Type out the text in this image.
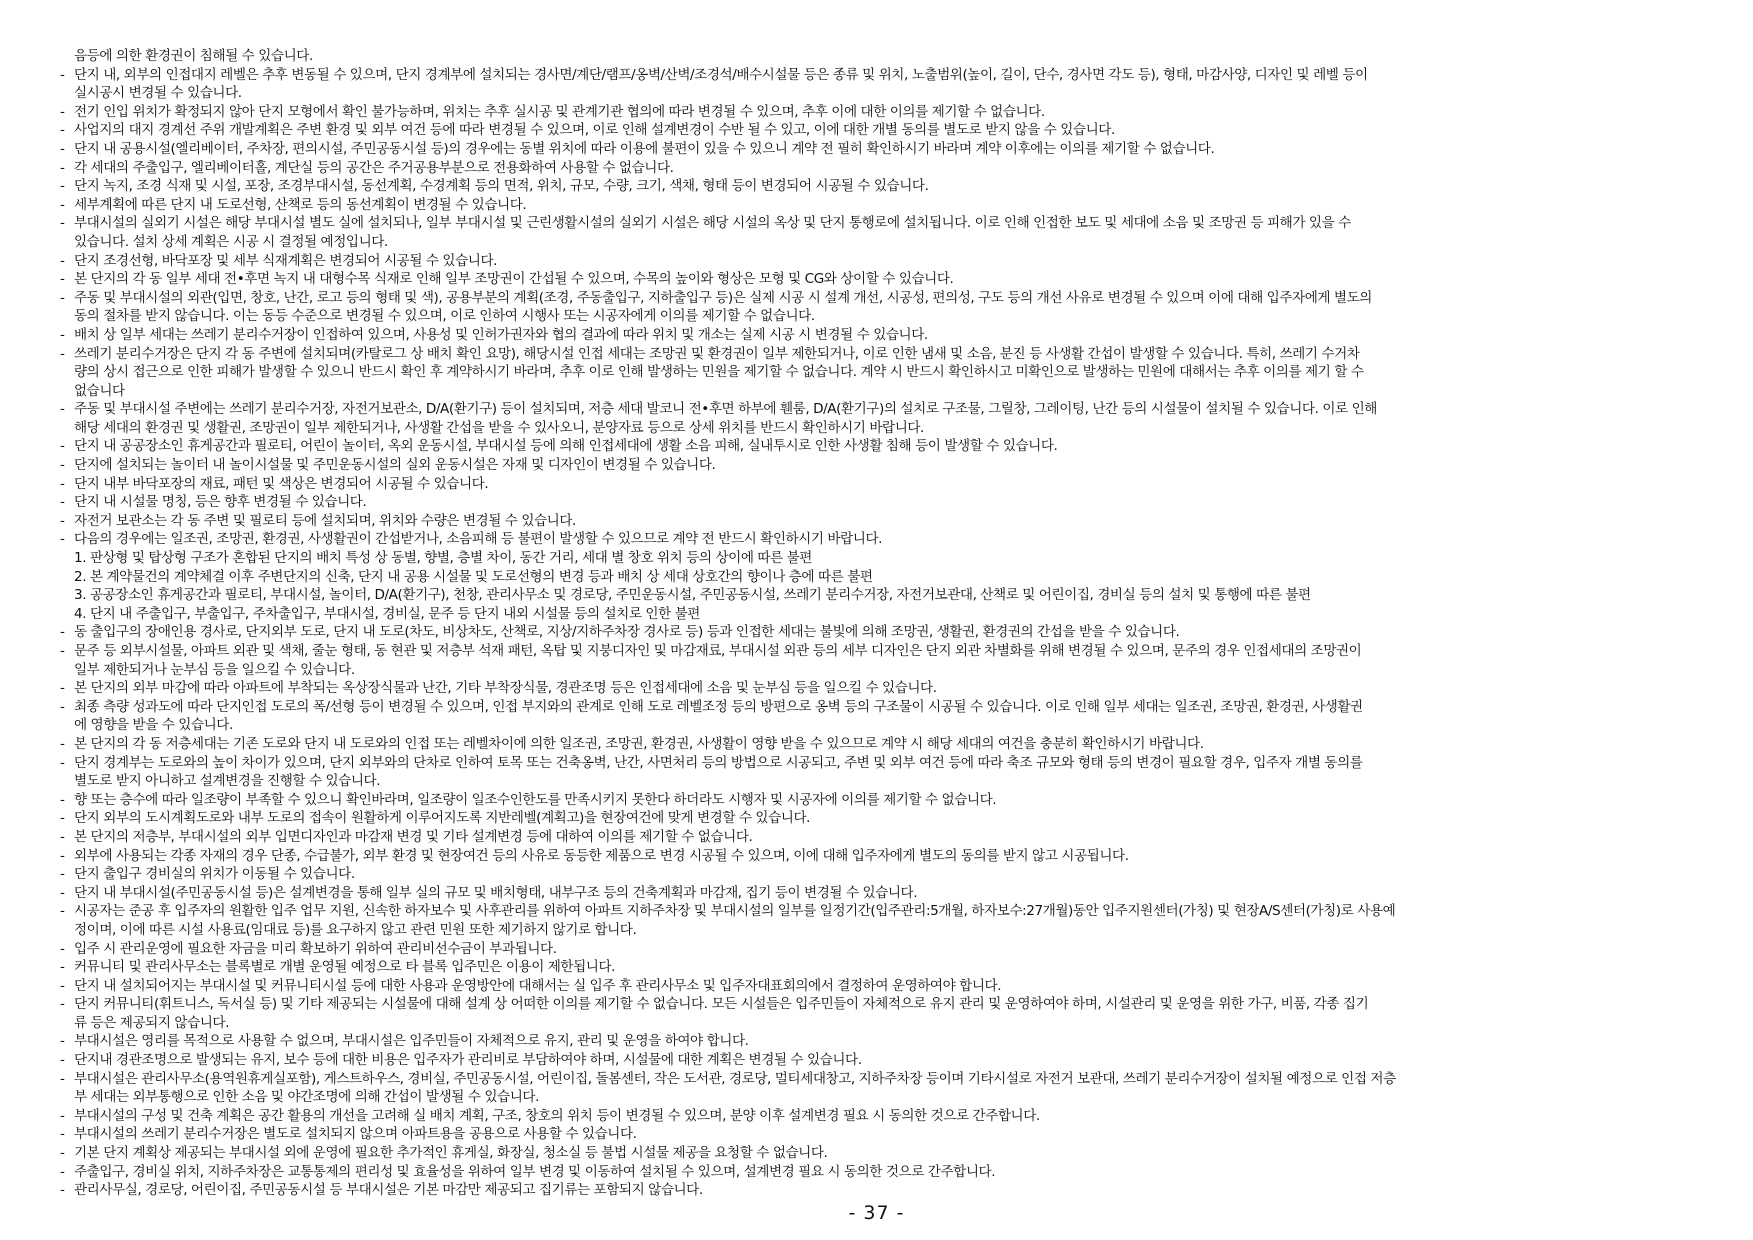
음등에 의한 환경권이 침해될 수 있습니다.
- 단지 내, 외부의 인접대지 레벨은 추후 변동될 수 있으며, 단지 경계부에 설치되는 경사면/계단/램프/옹벽/산벽/조경석/배수시설물 등은 종류 및 위치, 노출범위(높이, 길이, 단수, 경사면 각도 등), 형태, 마감사양, 디자인 및 레벨 등이
실시공시 변경될 수 있습니다.
- 전기 인입 위치가 확정되지 않아 단지 모형에서 확인 불가능하며, 위치는 추후 실시공 및 관계기관 협의에 따라 변경될 수 있으며, 추후 이에 대한 이의를 제기할 수 없습니다.
- 사업지의 대지 경계선 주위 개발계획은 주변 환경 및 외부 여건 등에 따라 변경될 수 있으며, 이로 인해 설계변경이 수반 될 수 있고, 이에 대한 개별 동의를 별도로 받지 않을 수 있습니다.
- 단지 내 공용시설(엘리베이터, 주차장, 편의시설, 주민공동시설 등)의 경우에는 동별 위치에 따라 이용에 불편이 있을 수 있으니 계약 전 필히 확인하시기 바라며 계약 이후에는 이의를 제기할 수 없습니다.
- 각 세대의 주출입구, 엘리베이터홀, 계단실 등의 공간은 주거공용부분으로 전용화하여 사용할 수 없습니다.
- 단지 녹지, 조경 식재 및 시설, 포장, 조경부대시설, 동선계획, 수경계획 등의 면적, 위치, 규모, 수량, 크기, 색채, 형태 등이 변경되어 시공될 수 있습니다.
- 세부계획에 따른 단지 내 도로선형, 산책로 등의 동선계획이 변경될 수 있습니다.
- 부대시설의 실외기 시설은 해당 부대시설 별도 실에 설치되나, 일부 부대시설 및 근린생활시설의 실외기 시설은 해당 시설의 옥상 및 단지 통행로에 설치됩니다. 이로 인해 인접한 보도 및 세대에 소음 및 조망권 등 피해가 있을 수
있습니다. 설치 상세 계획은 시공 시 결정될 예정입니다.
- 단지 조경선형, 바닥포장 및 세부 식재계획은 변경되어 시공될 수 있습니다.
- 본 단지의 각 동 일부 세대 전•후면 녹지 내 대형수목 식재로 인해 일부 조망권이 간섭될 수 있으며, 수목의 높이와 형상은 모형 및 CG와 상이할 수 있습니다.
- 주동 및 부대시설의 외관(입면, 창호, 난간, 로고 등의 형태 및 색), 공용부분의 계획(조경, 주동출입구, 지하출입구 등)은 실제 시공 시 설계 개선, 시공성, 편의성, 구도 등의 개선 사유로 변경될 수 있으며 이에 대해 입주자에게 별도의
동의 절차를 받지 않습니다. 이는 동등 수준으로 변경될 수 있으며, 이로 인하여 시행사 또는 시공자에게 이의를 제기할 수 없습니다.
- 배치 상 일부 세대는 쓰레기 분리수거장이 인접하여 있으며, 사용성 및 인허가권자와 협의 결과에 따라 위치 및 개소는 실제 시공 시 변경될 수 있습니다.
- 쓰레기 분리수거장은 단지 각 동 주변에 설치되며(카탈로그 상 배치 확인 요망), 해당시설 인접 세대는 조망권 및 환경권이 일부 제한되거나, 이로 인한 냄새 및 소음, 분진 등 사생활 간섭이 발생할 수 있습니다. 특히, 쓰레기 수거차
량의 상시 접근으로 인한 피해가 발생할 수 있으니 반드시 확인 후 계약하시기 바라며, 추후 이로 인해 발생하는 민원을 제기할 수 없습니다. 계약 시 반드시 확인하시고 미확인으로 발생하는 민원에 대해서는 추후 이의를 제기 할 수
없습니다
- 주동 및 부대시설 주변에는 쓰레기 분리수거장, 자전거보관소, D/A(환기구) 등이 설치되며, 저층 세대 발코니 전•후면 하부에 휀룸, D/A(환기구)의 설치로 구조물, 그릴창, 그레이팅, 난간 등의 시설물이 설치될 수 있습니다. 이로 인해
해당 세대의 환경권 및 생활권, 조망권이 일부 제한되거나, 사생활 간섭을 받을 수 있사오니, 분양자료 등으로 상세 위치를 반드시 확인하시기 바랍니다.
- 단지 내 공공장소인 휴게공간과 필로티, 어린이 놀이터, 옥외 운동시설, 부대시설 등에 의해 인접세대에 생활 소음 피해, 실내투시로 인한 사생활 침해 등이 발생할 수 있습니다.
- 단지에 설치되는 놀이터 내 놀이시설물 및 주민운동시설의 실외 운동시설은 자재 및 디자인이 변경될 수 있습니다.
- 단지 내부 바닥포장의 재료, 패턴 및 색상은 변경되어 시공될 수 있습니다.
- 단지 내 시설물 명칭, 등은 향후 변경될 수 있습니다.
- 자전거 보관소는 각 동 주변 및 필로티 등에 설치되며, 위치와 수량은 변경될 수 있습니다.
- 다음의 경우에는 일조권, 조망권, 환경권, 사생활권이 간섭받거나, 소음피해 등 불편이 발생할 수 있으므로 계약 전 반드시 확인하시기 바랍니다.
1. 판상형 및 탑상형 구조가 혼합된 단지의 배치 특성 상 동별, 향별, 층별 차이, 동간 거리, 세대 별 창호 위치 등의 상이에 따른 불편
2. 본 계약물건의 계약체결 이후 주변단지의 신축, 단지 내 공용 시설물 및 도로선형의 변경 등과 배치 상 세대 상호간의 향이나 층에 따른 불편
3. 공공장소인 휴게공간과 필로티, 부대시설, 놀이터, D/A(환기구), 천창, 관리사무소 및 경로당, 주민운동시설, 주민공동시설, 쓰레기 분리수거장, 자전거보관대, 산책로 및 어린이집, 경비실 등의 설치 및 통행에 따른 불편
4. 단지 내 주출입구, 부출입구, 주차출입구, 부대시설, 경비실, 문주 등 단지 내외 시설물 등의 설치로 인한 불편
- 동 출입구의 장애인용 경사로, 단지외부 도로, 단지 내 도로(차도, 비상차도, 산책로, 지상/지하주차장 경사로 등) 등과 인접한 세대는 불빛에 의해 조망권, 생활권, 환경권의 간섭을 받을 수 있습니다.
- 문주 등 외부시설물, 아파트 외관 및 색채, 줄눈 형태, 동 현관 및 저층부 석재 패턴, 옥탑 및 지붕디자인 및 마감재료, 부대시설 외관 등의 세부 디자인은 단지 외관 차별화를 위해 변경될 수 있으며, 문주의 경우 인접세대의 조망권이
일부 제한되거나 눈부심 등을 일으킬 수 있습니다.
- 본 단지의 외부 마감에 따라 아파트에 부착되는 옥상장식물과 난간, 기타 부착장식물, 경관조명 등은 인접세대에 소음 및 눈부심 등을 일으킬 수 있습니다.
- 최종 측량 성과도에 따라 단지인접 도로의 폭/선형 등이 변경될 수 있으며, 인접 부지와의 관계로 인해 도로 레벨조정 등의 방편으로 옹벽 등의 구조물이 시공될 수 있습니다. 이로 인해 일부 세대는 일조권, 조망권, 환경권, 사생활권
에 영향을 받을 수 있습니다.
- 본 단지의 각 동 저층세대는 기존 도로와 단지 내 도로와의 인접 또는 레벨차이에 의한 일조권, 조망권, 환경권, 사생활이 영향 받을 수 있으므로 계약 시 해당 세대의 여건을 충분히 확인하시기 바랍니다.
- 단지 경계부는 도로와의 높이 차이가 있으며, 단지 외부와의 단차로 인하여 토목 또는 건축옹벽, 난간, 사면처리 등의 방법으로 시공되고, 주변 및 외부 여건 등에 따라 축조 규모와 형태 등의 변경이 필요할 경우, 입주자 개별 동의를
별도로 받지 아니하고 설계변경을 진행할 수 있습니다.
- 향 또는 층수에 따라 일조량이 부족할 수 있으니 확인바라며, 일조량이 일조수인한도를 만족시키지 못한다 하더라도 시행자 및 시공자에 이의를 제기할 수 없습니다.
- 단지 외부의 도시계획도로와 내부 도로의 접속이 원활하게 이루어지도록 지반레벨(계획고)을 현장여건에 맞게 변경할 수 있습니다.
- 본 단지의 저층부, 부대시설의 외부 입면디자인과 마감재 변경 및 기타 설계변경 등에 대하여 이의를 제기할 수 없습니다.
- 외부에 사용되는 각종 자재의 경우 단종, 수급불가, 외부 환경 및 현장여건 등의 사유로 동등한 제품으로 변경 시공될 수 있으며, 이에 대해 입주자에게 별도의 동의를 받지 않고 시공됩니다.
- 단지 출입구 경비실의 위치가 이동될 수 있습니다.
- 단지 내 부대시설(주민공동시설 등)은 설계변경을 통해 일부 실의 규모 및 배치형태, 내부구조 등의 건축계획과 마감재, 집기 등이 변경될 수 있습니다.
- 시공자는 준공 후 입주자의 원활한 입주 업무 지원, 신속한 하자보수 및 사후관리를 위하여 아파트 지하주차장 및 부대시설의 일부를 일정기간(입주관리:5개월, 하자보수:27개월)동안 입주지원센터(가칭) 및 현장A/S센터(가칭)로 사용예
정이며, 이에 따른 시설 사용료(임대료 등)를 요구하지 않고 관련 민원 또한 제기하지 않기로 합니다.
- 입주 시 관리운영에 필요한 자금을 미리 확보하기 위하여 관리비선수금이 부과됩니다.
- 커뮤니티 및 관리사무소는 블록별로 개별 운영될 예정으로 타 블록 입주민은 이용이 제한됩니다.
- 단지 내 설치되어지는 부대시설 및 커뮤니티시설 등에 대한 사용과 운영방안에 대해서는 실 입주 후 관리사무소 및 입주자대표회의에서 결정하여 운영하여야 합니다.
- 단지 커뮤니티(휘트니스, 독서실 등) 및 기타 제공되는 시설물에 대해 설계 상 어떠한 이의를 제기할 수 없습니다. 모든 시설들은 입주민들이 자체적으로 유지 관리 및 운영하여야 하며, 시설관리 및 운영을 위한 가구, 비품, 각종 집기
류 등은 제공되지 않습니다.
- 부대시설은 영리를 목적으로 사용할 수 없으며, 부대시설은 입주민들이 자체적으로 유지, 관리 및 운영을 하여야 합니다.
- 단지내 경관조명으로 발생되는 유지, 보수 등에 대한 비용은 입주자가 관리비로 부담하여야 하며, 시설물에 대한 계획은 변경될 수 있습니다.
- 부대시설은 관리사무소(용역원휴게실포함), 게스트하우스, 경비실, 주민공동시설, 어린이집, 돌봄센터, 작은 도서관, 경로당, 멀티세대창고, 지하주차장 등이며 기타시설로 자전거 보관대, 쓰레기 분리수거장이 설치될 예정으로 인접 저층
부 세대는 외부통행으로 인한 소음 및 야간조명에 의해 간섭이 발생될 수 있습니다.
- 부대시설의 구성 및 건축 계획은 공간 활용의 개선을 고려해 실 배치 계획, 구조, 창호의 위치 등이 변경될 수 있으며, 분양 이후 설계변경 필요 시 동의한 것으로 간주합니다.
- 부대시설의 쓰레기 분리수거장은 별도로 설치되지 않으며 아파트용을 공용으로 사용할 수 있습니다.
- 기본 단지 계획상 제공되는 부대시설 외에 운영에 필요한 추가적인 휴게실, 화장실, 청소실 등 불법 시설물 제공을 요청할 수 없습니다.
- 주출입구, 경비실 위치, 지하주차장은 교통통제의 편리성 및 효율성을 위하여 일부 변경 및 이동하여 설치될 수 있으며, 설계변경 필요 시 동의한 것으로 간주합니다.
- 관리사무실, 경로당, 어린이집, 주민공동시설 등 부대시설은 기본 마감만 제공되고 집기류는 포함되지 않습니다.
- 37 -
